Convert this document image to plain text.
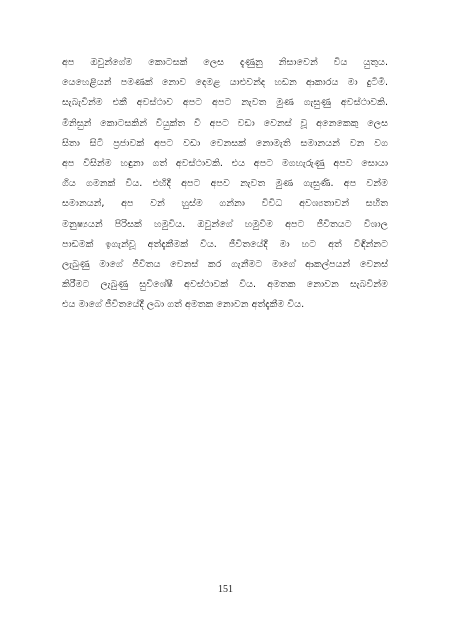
අප ඔවුන්ගේම කොටසක් ලෙස දැණුනු නිසාවෙන් විය යුතුය.
යෙහෙළියන් පමණක් නොව දෙමළ යාළුවන්ද හඩන ආකාරය මා දුටිමි.
සැබැවින්ම එකී අවස්ථාව අපට අපට නැවත මුණ ගැසුණු අවස්ථාවකි.
මිනිසුන් කොටසකින් වියුක්ත වී අපට වඩා වෙනස් වූ අනෙකෙකු ලෙස
සිතා සිටි ප්‍රජාවක් අපට වඩා වෙනසක් නොමැති සමානයන් වන වග
අප විසින්ම හඳුනා ගත් අවස්ථාවකි. එය අපට මගහැරුණු අපව සොයා
ගිය ගමනක් විය. එහිදී අපට අපව නැවත මුණ ගැසුණි. අප වන්ම
සමානයන්, අප වන් හුස්ම ගන්නා විවිධ අවශ්‍යතාවන් සහිත
මනුෂ්‍යයන් පිරිසක් හමුවිය. ඔවුන්ගේ හමුවීම අපට ජීවිතයට විශාල
පාඩමක් ඉගැන්වූ අත්දැකීමක් විය. ජීවිතයේදී මා හට අත් විඳින්නට
ලැබුණු මාගේ ජීවිතය වෙනස් කර ගැනීමට මාගේ ආකල්පයන් වෙනස්
කිරීමට ලැබුණු සුවිශේෂී අවස්ථාවක් විය. අමතක නොවන සැබවින්ම
එය මාගේ ජීවිතයේදී ලබා ගත් අමතක නොවන අත්දැකීම විය.
151
